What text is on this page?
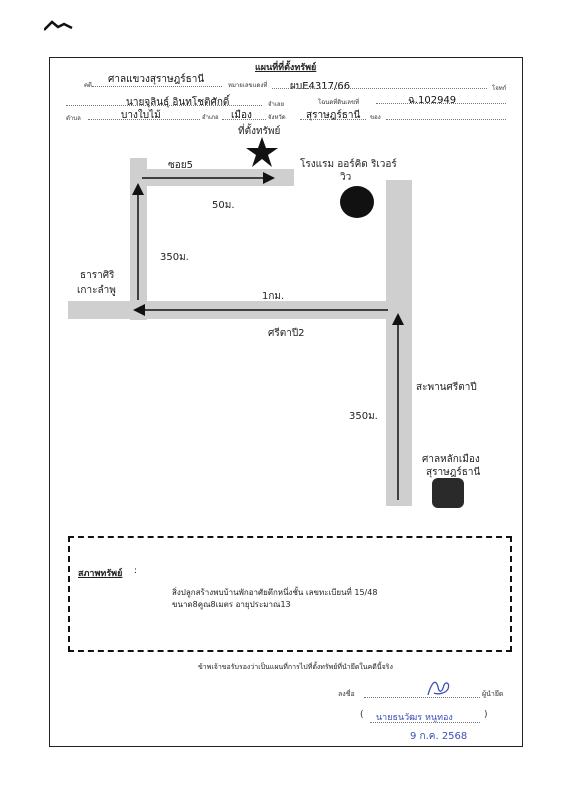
แผนที่ที่ตั้งทรัพย์
คดี
ศาลแขวงสุราษฎร์ธานี
หมายเลขแดงที่ ผบE4317/66	โจทก์
นายจุลินธุ์ อินทโชติศักดิ์	จำเลย	โฉนดที่ดินเลขที่	ฉ.102949
ตำบล	บางใบไม้	อำเภอ เมือง	จังหวัด สุราษฎร์ธานี ของ
ที่ตั้งทรัพย์
ซอย5	โรงแรม ออร์คิด ริเวอร์
วิว
50ม.
350ม.
ธาราศิริ
เกาะลำพู
1กม.
ศรีตาปี2
สะพานศรีตาปี
350ม.
ศาลหลักเมือง
สุราษฎร์ธานี
สภาพทรัพย์ :
สิ่งปลูกสร้างพบบ้านพักอาศัยตึกหนึ่งชั้น เลขทะเบียนที่ 15/48
ขนาด8คูณ8เมตร อายุประมาณ13
ข้าพเจ้าขอรับรองว่าเป็นแผนที่การไปที่ตั้งทรัพย์ที่นำยึดในคดีนี้จริง
ลงชื่อ	ผู้นำยึด
( นายธนวัฒร หนูทอง	)
9 ก.ค. 2568
